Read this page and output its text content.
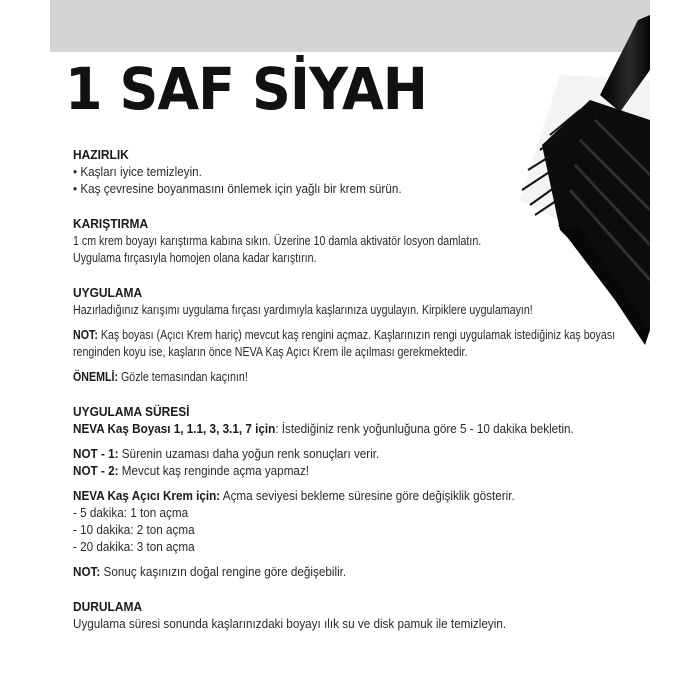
1 SAF SİYAH
HAZIRLIK
• Kaşları iyice temizleyin.
• Kaş çevresine boyanmasını önlemek için yağlı bir krem sürün.
KARIŞTIRMA
1 cm krem boyayı karıştırma kabına sıkın. Üzerine 10 damla aktivatör losyon damlatın.
Uygulama fırçasıyla homojen olana kadar karıştırın.
UYGULAMA
Hazırladığınız karışımı uygulama fırçası yardımıyla kaşlarınıza uygulayın. Kirpiklere uygulamayın!
NOT: Kaş boyası (Açıcı Krem hariç) mevcut kaş rengini açmaz. Kaşlarınızın rengi uygulamak istediğiniz kaş boyası
renginden koyu ise, kaşların önce NEVA Kaş Açıcı Krem ile açılması gerekmektedir.
ÖNEMLİ: Gözle temasından kaçının!
UYGULAMA SÜRESİ
NEVA Kaş Boyası 1, 1.1, 3, 3.1, 7 için: İstediğiniz renk yoğunluğuna göre 5 - 10 dakika bekletin.
NOT - 1: Sürenin uzaması daha yoğun renk sonuçları verir.
NOT - 2: Mevcut kaş renginde açma yapmaz!
NEVA Kaş Açıcı Krem için: Açma seviyesi bekleme süresine göre değişiklik gösterir.
- 5 dakika: 1 ton açma
- 10 dakika: 2 ton açma
- 20 dakika: 3 ton açma
NOT: Sonuç kaşınızın doğal rengine göre değişebilir.
DURULAMA
Uygulama süresi sonunda kaşlarınızdaki boyayı ılık su ve disk pamuk ile temizleyin.
